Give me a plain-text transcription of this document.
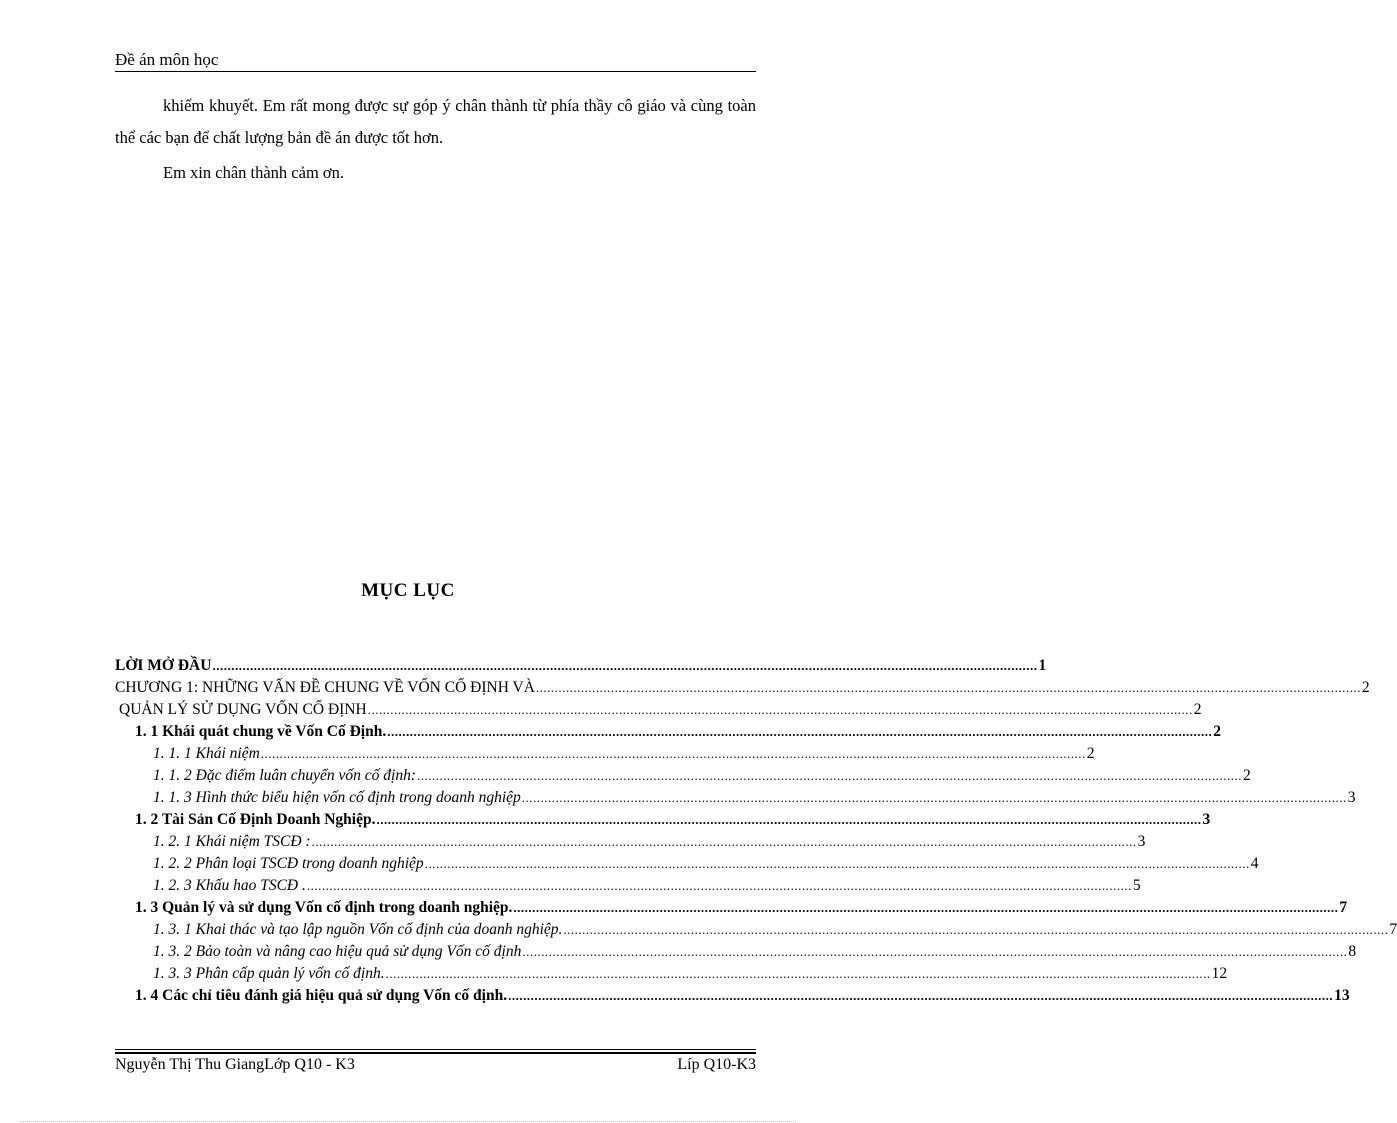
Đề án môn học
khiếm khuyết. Em rất mong được sự góp ý chân thành từ phía thầy cô giáo và cùng toàn thể các bạn để chất lượng bản đề án được tốt hơn.
Em xin chân thành cảm ơn.
MỤC LỤC
LỜI MỞ ĐẦU ............................................................................................................................................................................................................................ 1
CHƯƠNG 1: NHỮNG VẤN ĐỀ CHUNG VỀ VỐN CỐ ĐỊNH VÀ ............................................................................................................................................................................................................................ 2
QUẢN LÝ SỬ DỤNG VỐN CỐ ĐỊNH ............................................................................................................................................................................................................................ 2
1. 1 Khái quát chung về Vốn Cố Định. ............................................................................................................................................................................................................................ 2
1. 1. 1 Khái niệm ............................................................................................................................................................................................................................ 2
1. 1. 2 Đặc điểm luân chuyển vốn cố định: ............................................................................................................................................................................................................................ 2
1. 1. 3 Hình thức biểu hiện vốn cố định trong doanh nghiệp ............................................................................................................................................................................................................................ 3
1. 2 Tài Sản Cố Định Doanh Nghiệp. ............................................................................................................................................................................................................................ 3
1. 2. 1 Khái niệm TSCĐ : ............................................................................................................................................................................................................................ 3
1. 2. 2 Phân loại TSCĐ trong doanh nghiệp ............................................................................................................................................................................................................................ 4
1. 2. 3 Khấu hao TSCĐ . ............................................................................................................................................................................................................................ 5
1. 3 Quản lý và sử dụng Vốn cố định trong doanh nghiệp. ............................................................................................................................................................................................................................ 7
1. 3. 1 Khai thác và tạo lập nguồn Vốn cố định của doanh nghiệp. ............................................................................................................................................................................................................................ 7
1. 3. 2 Bảo toàn và nâng cao hiệu quả sử dụng Vốn cố định ............................................................................................................................................................................................................................ 8
1. 3. 3 Phân cấp quản lý vốn cố định. ............................................................................................................................................................................................................................ 12
1. 4 Các chỉ tiêu đánh giá hiệu quả sử dụng Vốn cố định. ............................................................................................................................................................................................................................ 13
Nguyễn Thị Thu GiangLớp Q10 - K3	Líp Q10-K3
